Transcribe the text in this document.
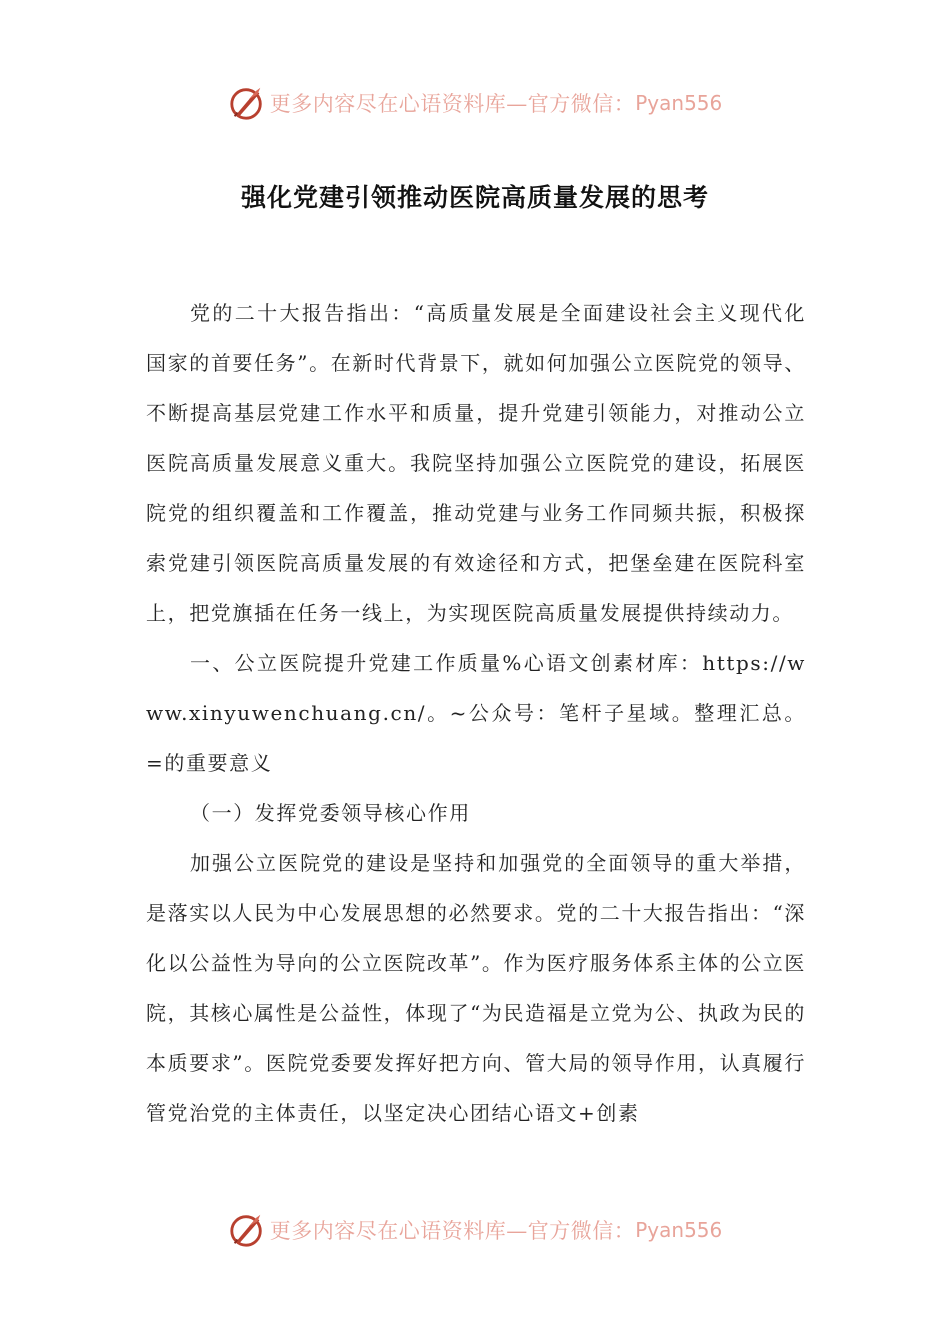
更多内容尽在心语资料库—官方微信： Pyan556
强化党建引领推动医院高质量发展的思考

党的二十大报告指出：“高质量发展是全面建设社会主义现代化国家的首要任务”。在新时代背景下，就如何加强公立医院党的领导、不断提高基层党建工作水平和质量，提升党建引领能力，对推动公立医院高质量发展意义重大。我院坚持加强公立医院党的建设，拓展医院党的组织覆盖和工作覆盖，推动党建与业务工作同频共振，积极探索党建引领医院高质量发展的有效途径和方式，把堡垒建在医院科室上，把党旗插在任务一线上，为实现医院高质量发展提供持续动力。

一、公立医院提升党建工作质量%心语文创素材库：https://www.xinyuwenchuang.cn/。~公众号：笔杆子星域。整理汇总。=的重要意义

（一）发挥党委领导核心作用

加强公立医院党的建设是坚持和加强党的全面领导的重大举措，是落实以人民为中心发展思想的必然要求。党的二十大报告指出：“深化以公益性为导向的公立医院改革”。作为医疗服务体系主体的公立医院，其核心属性是公益性，体现了“为民造福是立党为公、执政为民的本质要求”。医院党委要发挥好把方向、管大局的领导作用，认真履行管党治党的主体责任，以坚定决心团结心语文+创素

更多内容尽在心语资料库—官方微信： Pyan556
